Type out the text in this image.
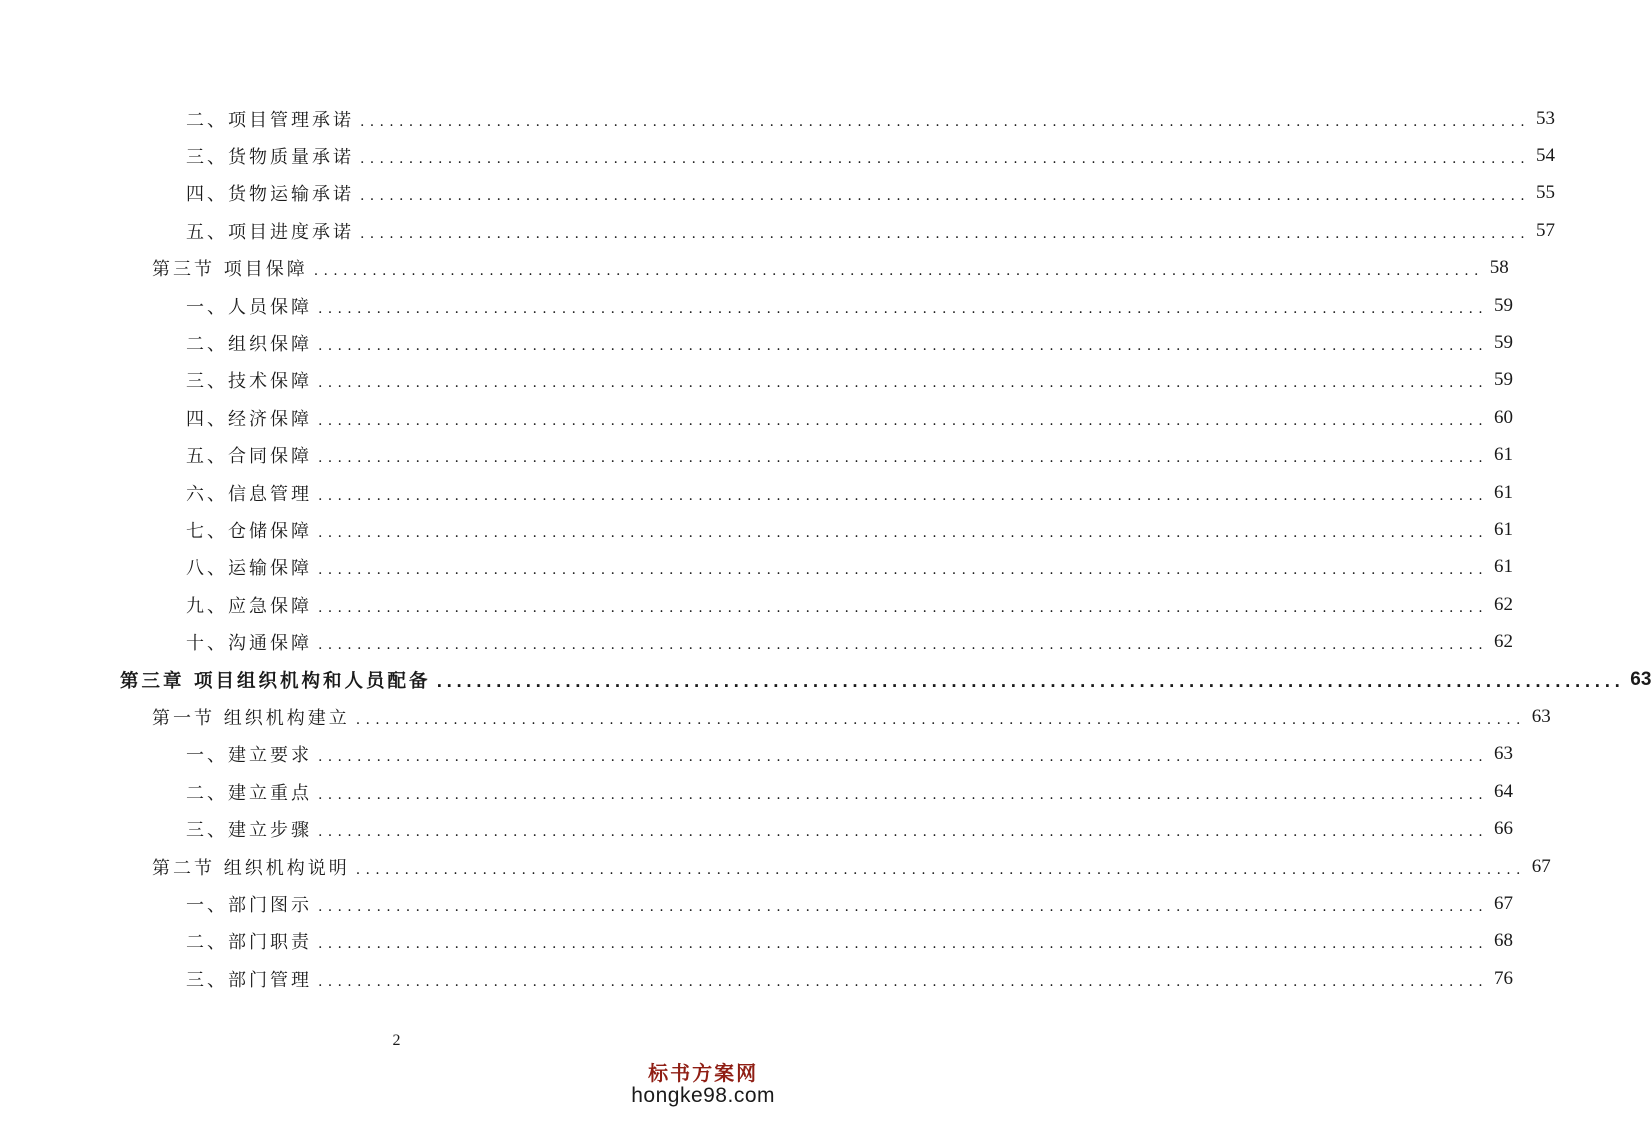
二、项目管理承诺 ........................................................................................................................ 53
三、货物质量承诺 ........................................................................................................................ 54
四、货物运输承诺 ........................................................................................................................ 55
五、项目进度承诺 ........................................................................................................................ 57
第三节 项目保障 ........................................................................................................................ 58
一、人员保障 ........................................................................................................................ 59
二、组织保障 ........................................................................................................................ 59
三、技术保障 ........................................................................................................................ 59
四、经济保障 ........................................................................................................................ 60
五、合同保障 ........................................................................................................................ 61
六、信息管理 ........................................................................................................................ 61
七、仓储保障 ........................................................................................................................ 61
八、运输保障 ........................................................................................................................ 61
九、应急保障 ........................................................................................................................ 62
十、沟通保障 ........................................................................................................................ 62
第三章 项目组织机构和人员配备 ........................................................................................................................ 63
第一节 组织机构建立 ........................................................................................................................ 63
一、建立要求 ........................................................................................................................ 63
二、建立重点 ........................................................................................................................ 64
三、建立步骤 ........................................................................................................................ 66
第二节 组织机构说明 ........................................................................................................................ 67
一、部门图示 ........................................................................................................................ 67
二、部门职责 ........................................................................................................................ 68
三、部门管理 ........................................................................................................................ 76
2
标书方案网
hongke98.com
